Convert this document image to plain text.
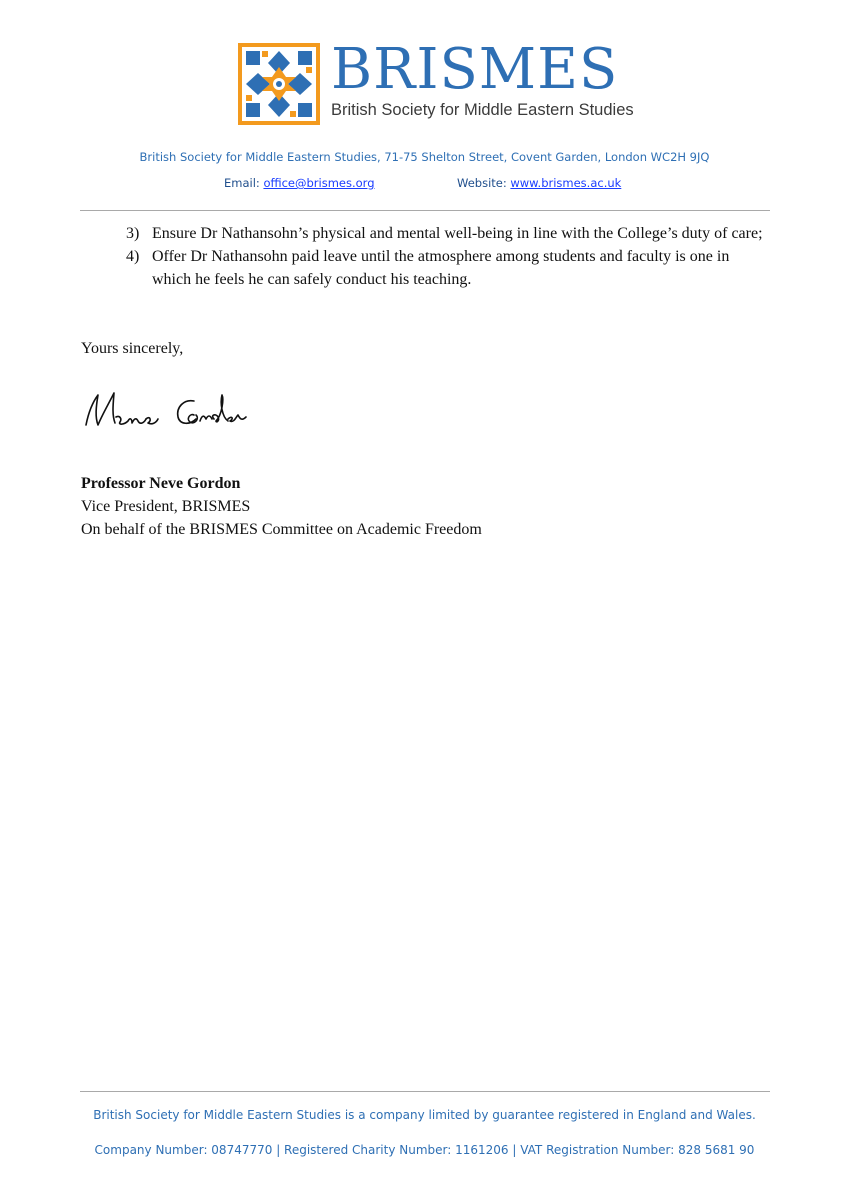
BRISMES
British Society for Middle Eastern Studies
British Society for Middle Eastern Studies, 71-75 Shelton Street, Covent Garden, London WC2H 9JQ
Email: office@brismes.org	Website: www.brismes.ac.uk
3) Ensure Dr Nathansohn’s physical and mental well-being in line with the College’s duty of care;
4) Offer Dr Nathansohn paid leave until the atmosphere among students and faculty is one in which he feels he can safely conduct his teaching.
Yours sincerely,
Professor Neve Gordon
Vice President, BRISMES
On behalf of the BRISMES Committee on Academic Freedom
British Society for Middle Eastern Studies is a company limited by guarantee registered in England and Wales.
Company Number: 08747770 | Registered Charity Number: 1161206 | VAT Registration Number: 828 5681 90
